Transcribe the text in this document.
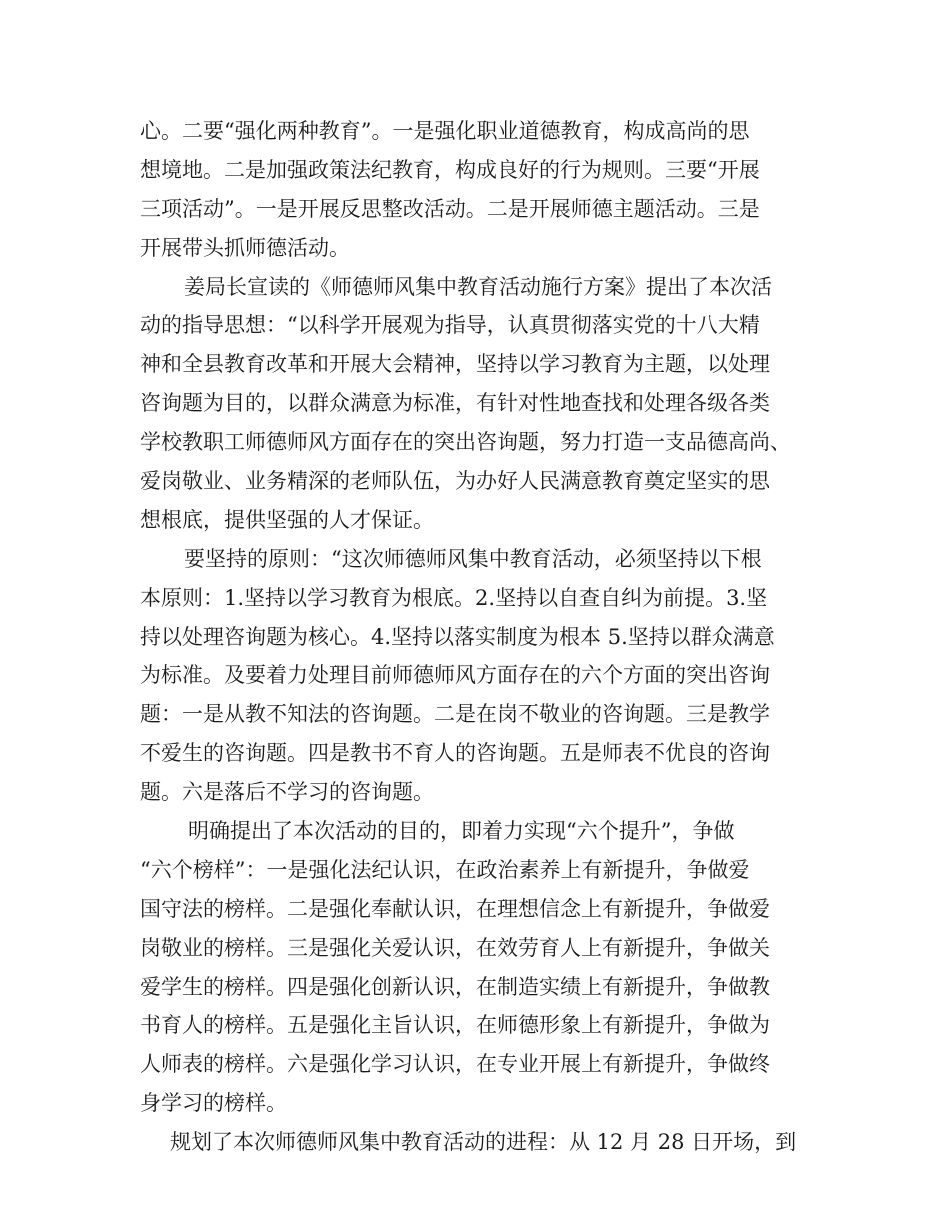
心。二要“强化两种教育”。一是强化职业道德教育，构成高尚的思
想境地。二是加强政策法纪教育，构成良好的行为规则。三要“开展
三项活动”。一是开展反思整改活动。二是开展师德主题活动。三是
开展带头抓师德活动。
姜局长宣读的《师德师风集中教育活动施行方案》提出了本次活
动的指导思想：“以科学开展观为指导，认真贯彻落实党的十八大精
神和全县教育改革和开展大会精神，坚持以学习教育为主题，以处理
咨询题为目的，以群众满意为标准，有针对性地查找和处理各级各类
学校教职工师德师风方面存在的突出咨询题，努力打造一支品德高尚、
爱岗敬业、业务精深的老师队伍，为办好人民满意教育奠定坚实的思
想根底，提供坚强的人才保证。
要坚持的原则：“这次师德师风集中教育活动，必须坚持以下根
本原则：1.坚持以学习教育为根底。2.坚持以自查自纠为前提。3.坚
持以处理咨询题为核心。4.坚持以落实制度为根本 5.坚持以群众满意
为标准。及要着力处理目前师德师风方面存在的六个方面的突出咨询
题：一是从教不知法的咨询题。二是在岗不敬业的咨询题。三是教学
不爱生的咨询题。四是教书不育人的咨询题。五是师表不优良的咨询
题。六是落后不学习的咨询题。
明确提出了本次活动的目的，即着力实现“六个提升”，争做
“六个榜样”：一是强化法纪认识，在政治素养上有新提升，争做爱
国守法的榜样。二是强化奉献认识，在理想信念上有新提升，争做爱
岗敬业的榜样。三是强化关爱认识，在效劳育人上有新提升，争做关
爱学生的榜样。四是强化创新认识，在制造实绩上有新提升，争做教
书育人的榜样。五是强化主旨认识，在师德形象上有新提升，争做为
人师表的榜样。六是强化学习认识，在专业开展上有新提升，争做终
身学习的榜样。
规划了本次师德师风集中教育活动的进程：从 12 月 28 日开场，到
